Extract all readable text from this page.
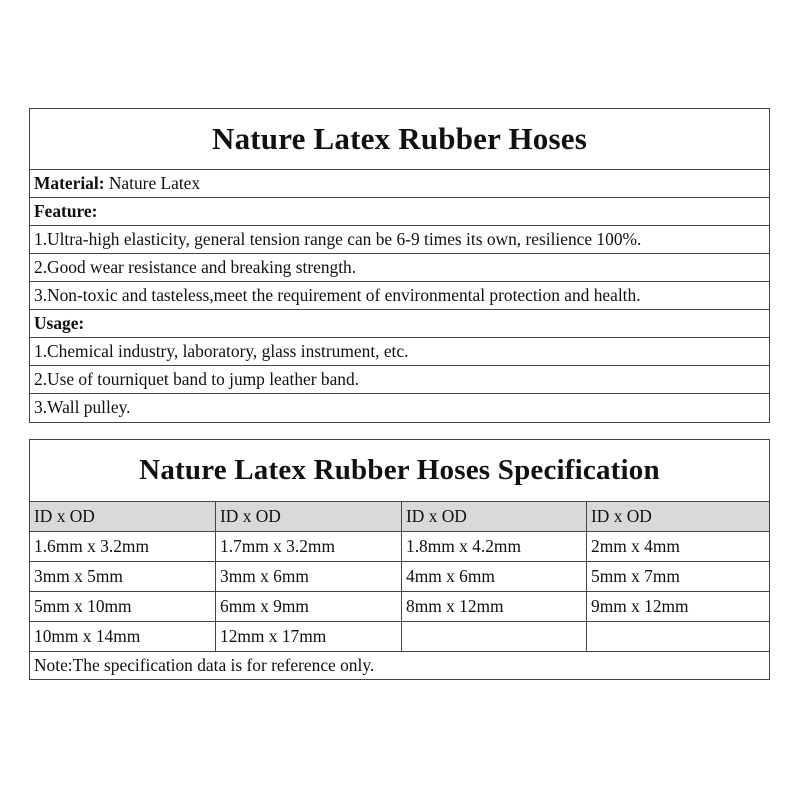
Nature Latex Rubber Hoses
Material: Nature Latex
Feature:
1.Ultra-high elasticity, general tension range can be 6-9 times its own, resilience 100%.
2.Good wear resistance and breaking strength.
3.Non-toxic and tasteless,meet the requirement of environmental protection and health.
Usage:
1.Chemical industry, laboratory, glass instrument, etc.
2.Use of tourniquet band to jump leather band.
3.Wall pulley.
Nature Latex Rubber Hoses Specification
ID x OD	ID x OD	ID x OD	ID x OD
1.6mm x 3.2mm	1.7mm x 3.2mm	1.8mm x 4.2mm	2mm x 4mm
3mm x 5mm	3mm x 6mm	4mm x 6mm	5mm x 7mm
5mm x 10mm	6mm x 9mm	8mm x 12mm	9mm x 12mm
10mm x 14mm	12mm x 17mm
Note:The specification data is for reference only.
